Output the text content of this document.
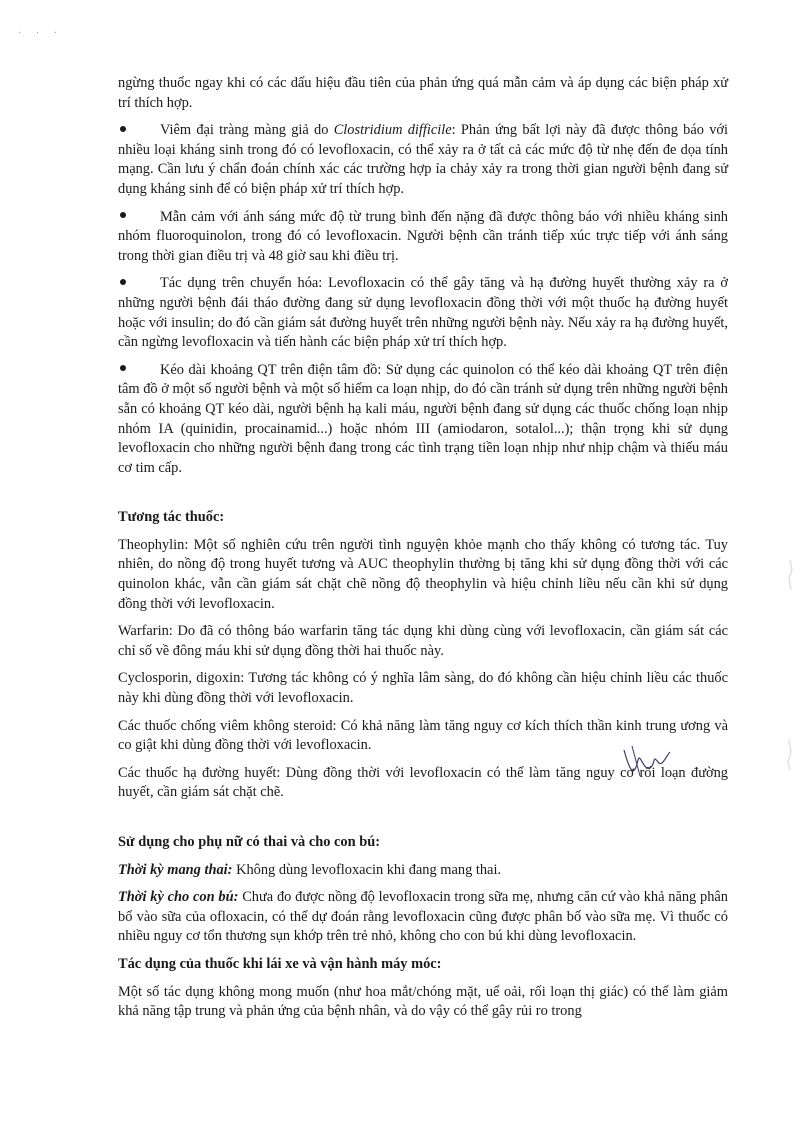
· · ·

ngừng thuốc ngay khi có các dấu hiệu đầu tiên của phản ứng quá mẫn cảm và áp dụng các biện pháp xử trí thích hợp.

Viêm đại tràng màng giả do Clostridium difficile: Phản ứng bất lợi này đã được thông báo với nhiều loại kháng sinh trong đó có levofloxacin, có thể xảy ra ở tất cả các mức độ từ nhẹ đến đe dọa tính mạng. Cần lưu ý chẩn đoán chính xác các trường hợp ỉa chảy xảy ra trong thời gian người bệnh đang sử dụng kháng sinh để có biện pháp xử trí thích hợp.
Mẫn cảm với ánh sáng mức độ từ trung bình đến nặng đã được thông báo với nhiều kháng sinh nhóm fluoroquinolon, trong đó có levofloxacin. Người bệnh cần tránh tiếp xúc trực tiếp với ánh sáng trong thời gian điều trị và 48 giờ sau khi điều trị.
Tác dụng trên chuyển hóa: Levofloxacin có thể gây tăng và hạ đường huyết thường xảy ra ở những người bệnh đái tháo đường đang sử dụng levofloxacin đồng thời với một thuốc hạ đường huyết hoặc với insulin; do đó cần giám sát đường huyết trên những người bệnh này. Nếu xảy ra hạ đường huyết, cần ngừng levofloxacin và tiến hành các biện pháp xử trí thích hợp.
Kéo dài khoảng QT trên điện tâm đồ: Sử dụng các quinolon có thể kéo dài khoảng QT trên điện tâm đồ ở một số người bệnh và một số hiếm ca loạn nhịp, do đó cần tránh sử dụng trên những người bệnh sẵn có khoảng QT kéo dài, người bệnh hạ kali máu, người bệnh đang sử dụng các thuốc chống loạn nhịp nhóm IA (quinidin, procainamid...) hoặc nhóm III (amiodaron, sotalol...); thận trọng khi sử dụng levofloxacin cho những người bệnh đang trong các tình trạng tiền loạn nhịp như nhịp chậm và thiếu máu cơ tim cấp.

Tương tác thuốc:

Theophylin: Một số nghiên cứu trên người tình nguyện khỏe mạnh cho thấy không có tương tác. Tuy nhiên, do nồng độ trong huyết tương và AUC theophylin thường bị tăng khi sử dụng đồng thời với các quinolon khác, vẫn cần giám sát chặt chẽ nồng độ theophylin và hiệu chỉnh liều nếu cần khi sử dụng đồng thời với levofloxacin.

Warfarin: Do đã có thông báo warfarin tăng tác dụng khi dùng cùng với levofloxacin, cần giám sát các chỉ số về đông máu khi sử dụng đồng thời hai thuốc này.

Cyclosporin, digoxin: Tương tác không có ý nghĩa lâm sàng, do đó không cần hiệu chỉnh liều các thuốc này khi dùng đồng thời với levofloxacin.

Các thuốc chống viêm không steroid: Có khả năng làm tăng nguy cơ kích thích thần kinh trung ương và co giật khi dùng đồng thời với levofloxacin.

Các thuốc hạ đường huyết: Dùng đồng thời với levofloxacin có thể làm tăng nguy cơ rối loạn đường huyết, cần giám sát chặt chẽ.

Sử dụng cho phụ nữ có thai và cho con bú:

Thời kỳ mang thai: Không dùng levofloxacin khi đang mang thai.

Thời kỳ cho con bú: Chưa đo được nồng độ levofloxacin trong sữa mẹ, nhưng căn cứ vào khả năng phân bố vào sữa của ofloxacin, có thể dự đoán rằng levofloxacin cũng được phân bố vào sữa mẹ. Vì thuốc có nhiều nguy cơ tổn thương sụn khớp trên trẻ nhỏ, không cho con bú khi dùng levofloxacin.

Tác dụng của thuốc khi lái xe và vận hành máy móc:

Một số tác dụng không mong muốn (như hoa mắt/chóng mặt, uể oải, rối loạn thị giác) có thể làm giảm khả năng tập trung và phản ứng của bệnh nhân, và do vậy có thể gây rủi ro trong
